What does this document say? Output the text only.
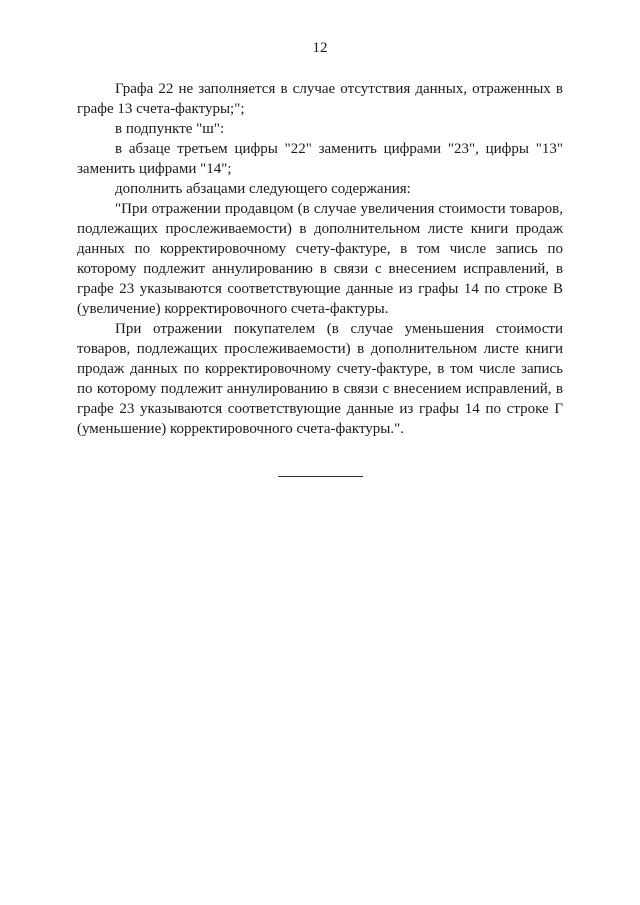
12

Графа 22 не заполняется в случае отсутствия данных, отраженных в графе 13 счета-фактуры;";

в подпункте "ш":

в абзаце третьем цифры "22" заменить цифрами "23", цифры "13" заменить цифрами "14";

дополнить абзацами следующего содержания:

"При отражении продавцом (в случае увеличения стоимости товаров, подлежащих прослеживаемости) в дополнительном листе книги продаж данных по корректировочному счету-фактуре, в том числе запись по которому подлежит аннулированию в связи с внесением исправлений, в графе 23 указываются соответствующие данные из графы 14 по строке В (увеличение) корректировочного счета-фактуры.

При отражении покупателем (в случае уменьшения стоимости товаров, подлежащих прослеживаемости) в дополнительном листе книги продаж данных по корректировочному счету-фактуре, в том числе запись по которому подлежит аннулированию в связи с внесением исправлений, в графе 23 указываются соответствующие данные из графы 14 по строке Г (уменьшение) корректировочного счета-фактуры.".
